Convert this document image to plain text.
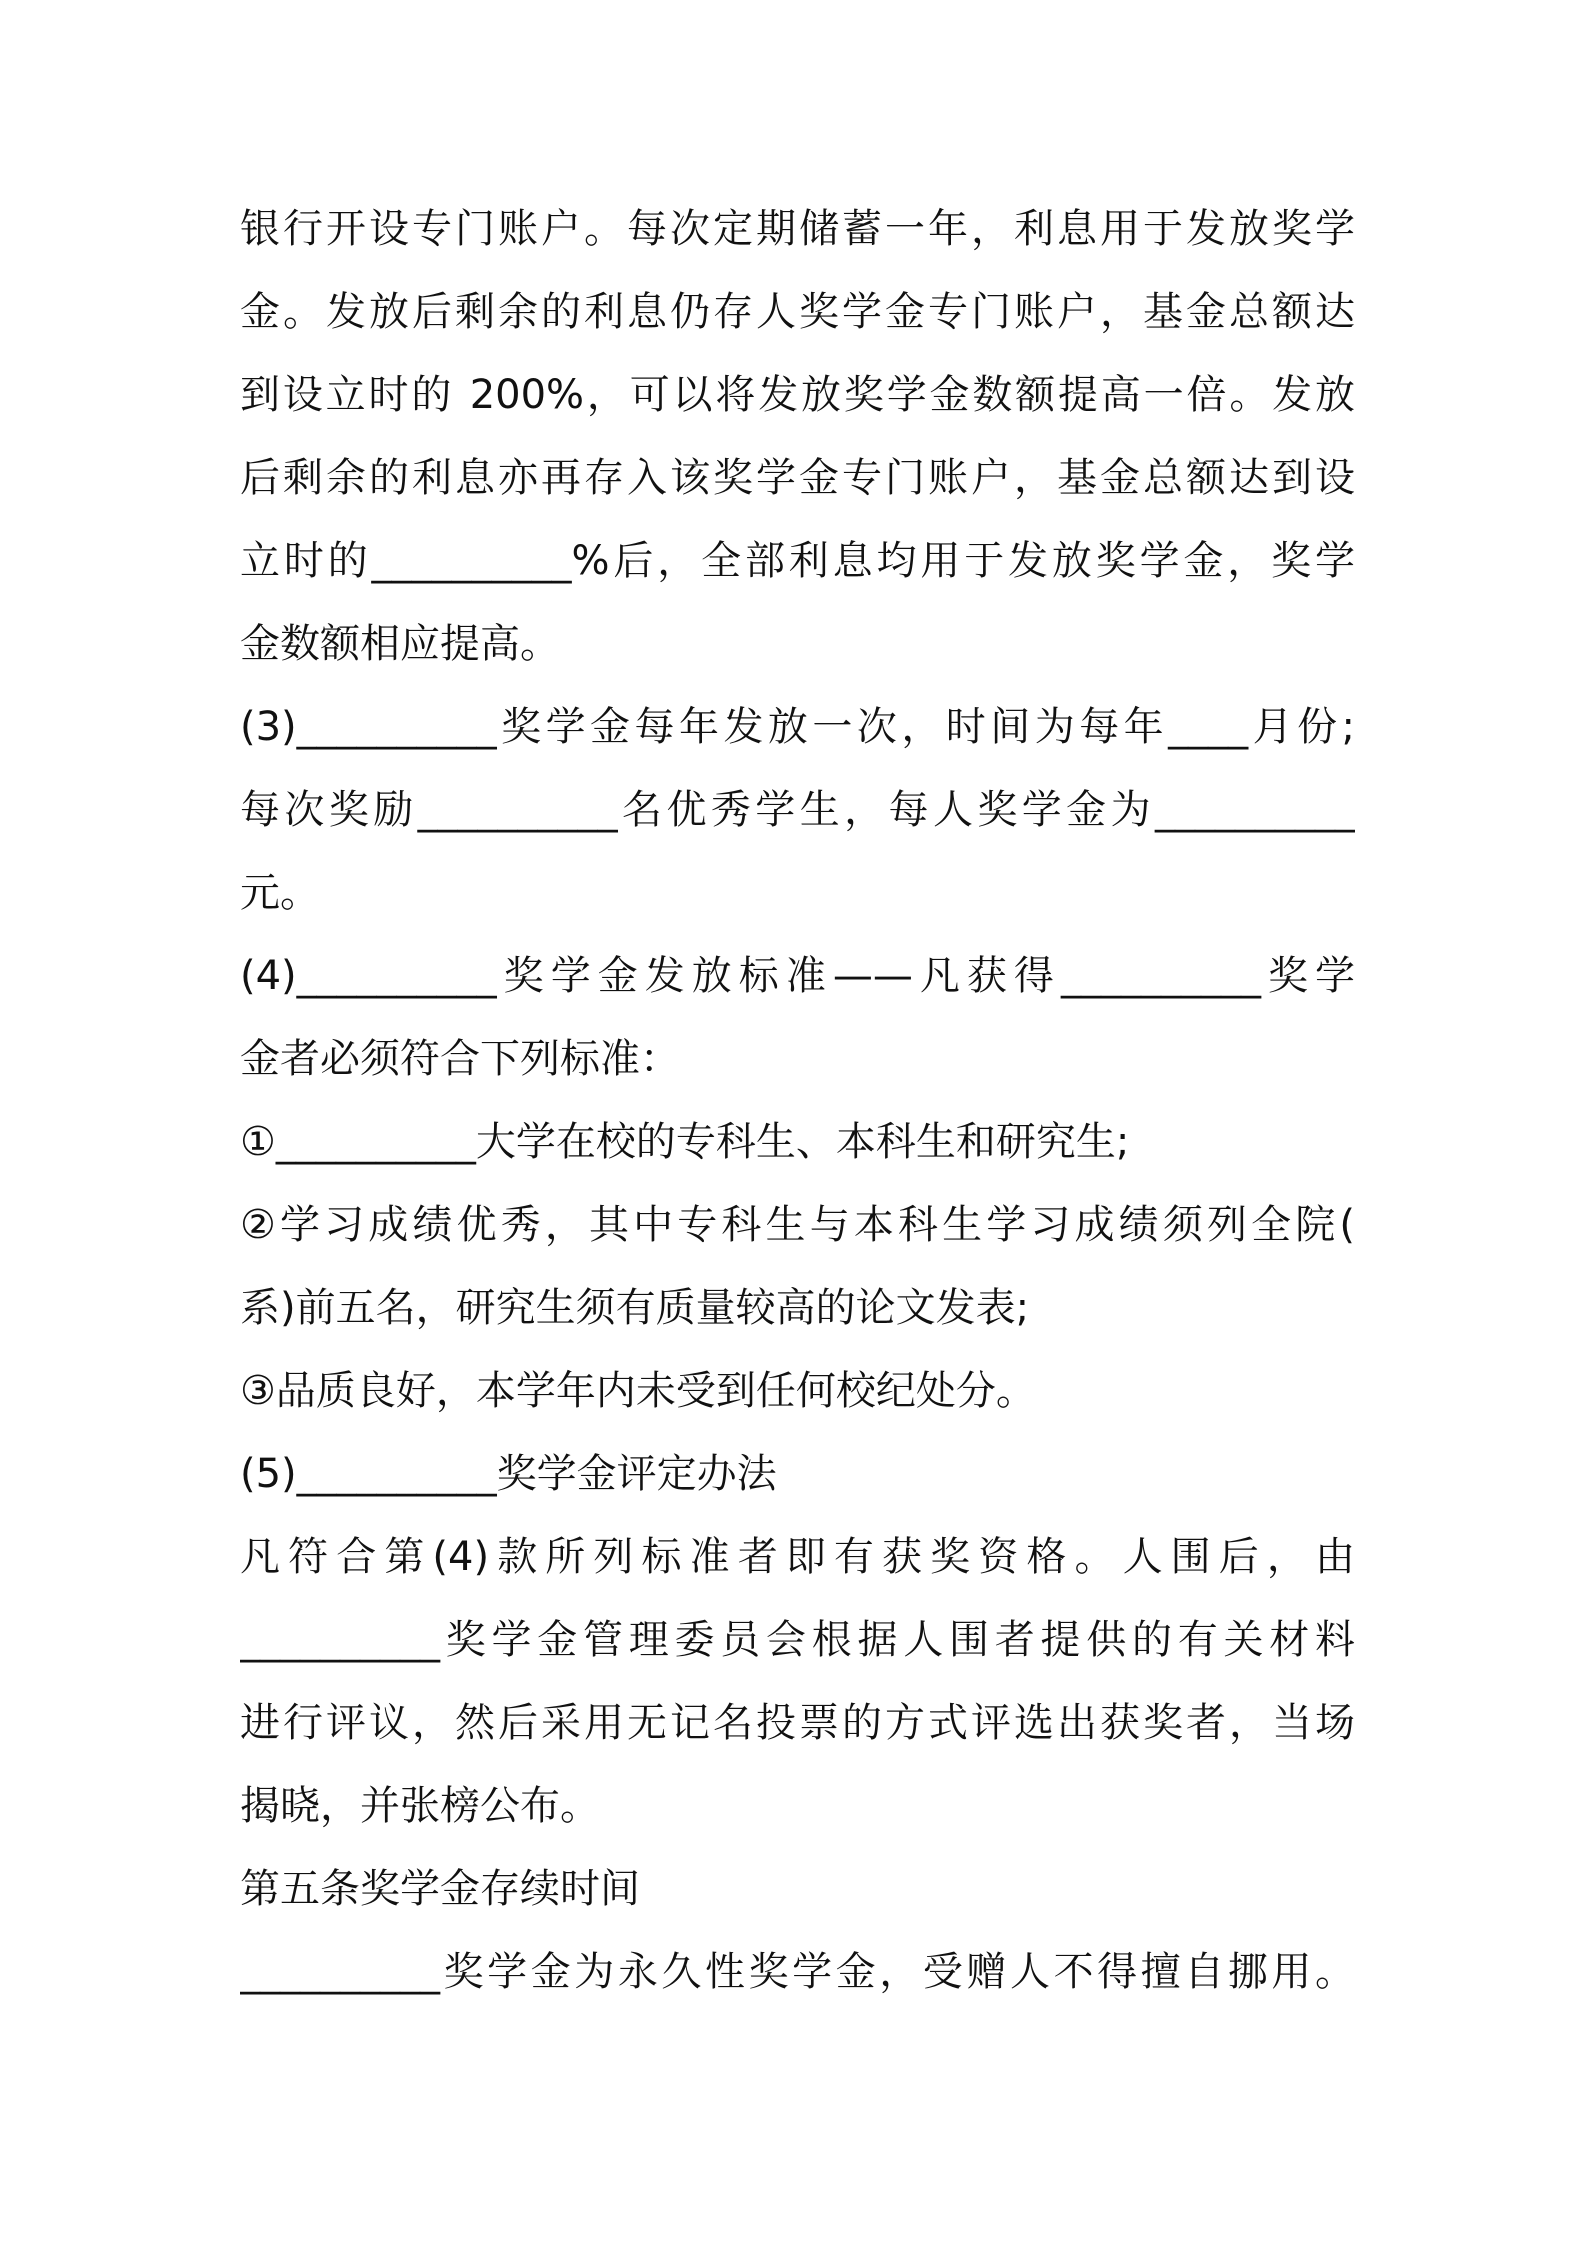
银行开设专门账户。每次定期储蓄一年，利息用于发放奖学
金。发放后剩余的利息仍存人奖学金专门账户，基金总额达
到设立时的 200%，可以将发放奖学金数额提高一倍。发放
后剩余的利息亦再存入该奖学金专门账户，基金总额达到设
立时的__________%后，全部利息均用于发放奖学金，奖学
金数额相应提高。
(3)__________奖学金每年发放一次，时间为每年____月份;
每次奖励__________名优秀学生，每人奖学金为__________
元。
(4)__________奖学金发放标准——凡获得__________奖学
金者必须符合下列标准：
①__________大学在校的专科生、本科生和研究生;
②学习成绩优秀，其中专科生与本科生学习成绩须列全院(
系)前五名，研究生须有质量较高的论文发表;
③品质良好，本学年内未受到任何校纪处分。
(5)__________奖学金评定办法
凡符合第(4)款所列标准者即有获奖资格。人围后，由
__________奖学金管理委员会根据人围者提供的有关材料
进行评议，然后采用无记名投票的方式评选出获奖者，当场
揭晓，并张榜公布。
第五条奖学金存续时间
__________奖学金为永久性奖学金，受赠人不得擅自挪用。
